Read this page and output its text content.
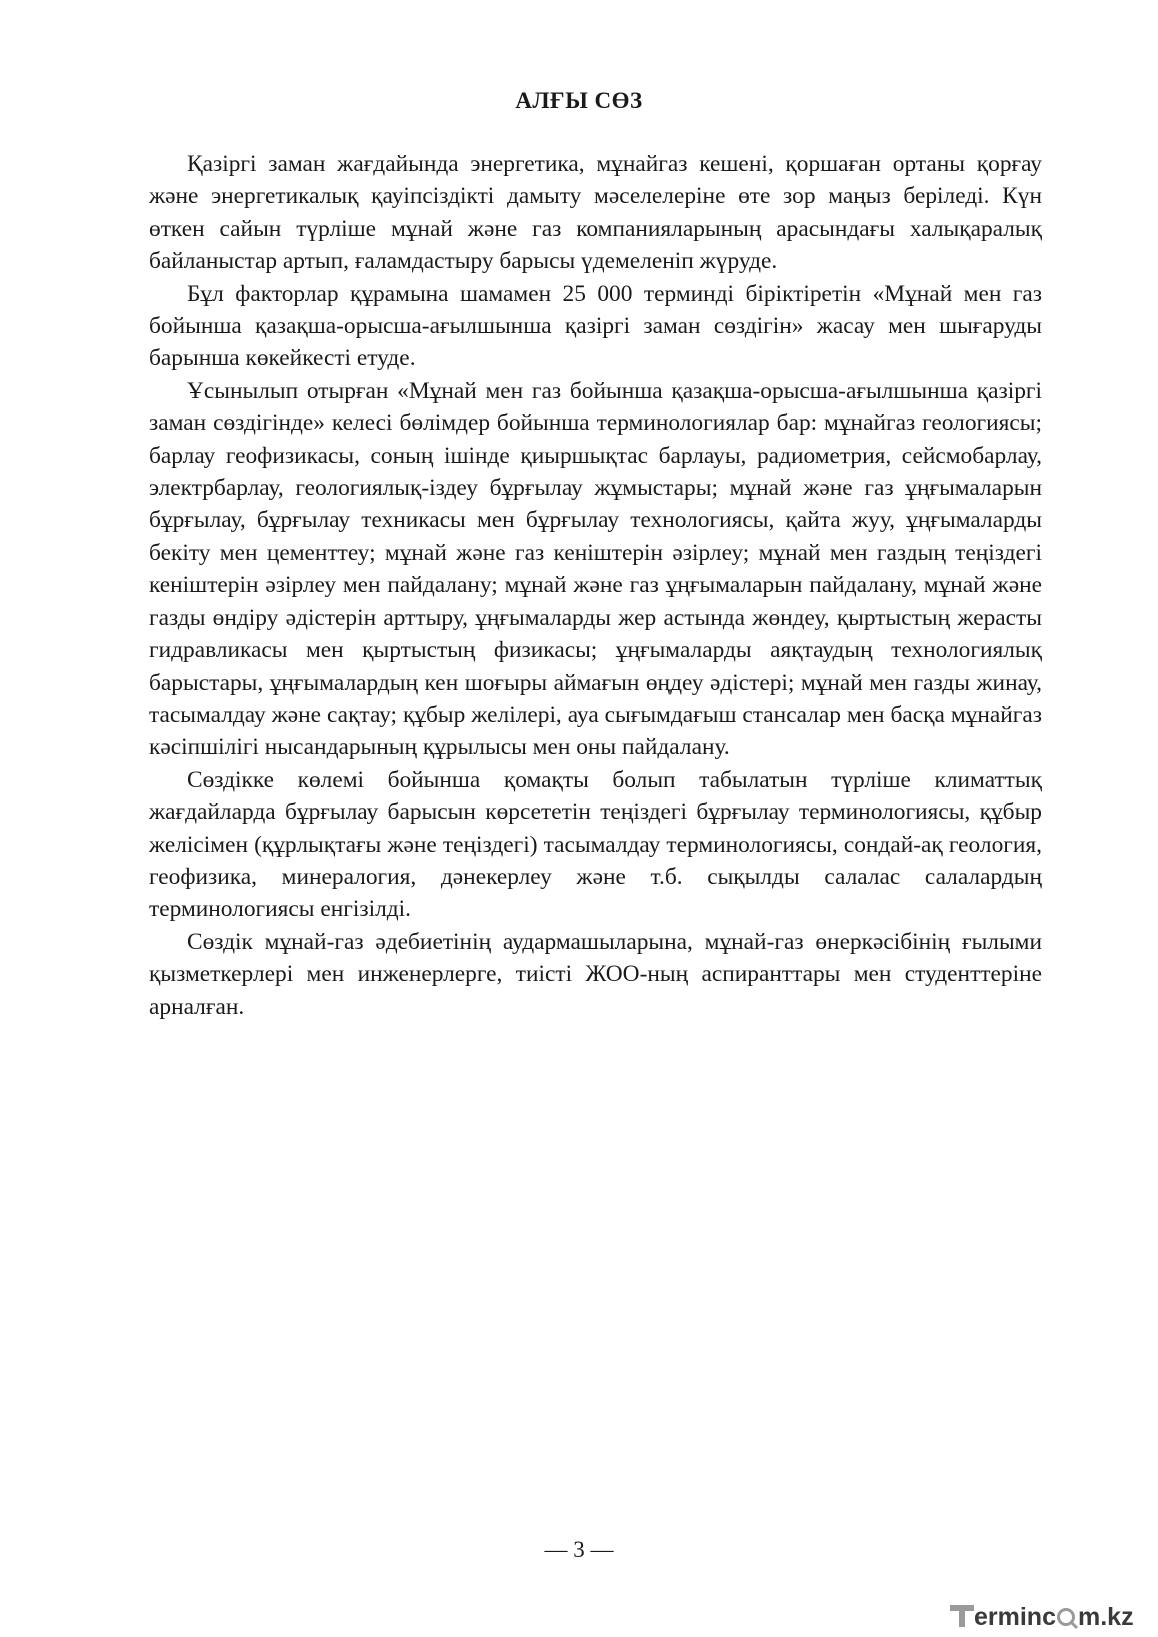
АЛҒЫ СӨЗ

Қазіргі заман жағдайында энергетика, мұнайгаз кешені, қоршаған ортаны қорғау және энергетикалық қауіпсіздікті дамыту мәселелеріне өте зор маңыз беріледі. Күн өткен сайын түрліше мұнай және газ компанияларының арасындағы халықаралық байланыстар артып, ғаламдастыру барысы үдемеленіп жүруде.

Бұл факторлар құрамына шамамен 25 000 терминді біріктіретін «Мұнай мен газ бойынша қазақша-орысша-ағылшынша қазіргі заман сөздігін» жасау мен шығаруды барынша көкейкесті етуде.

Ұсынылып отырған «Мұнай мен газ бойынша қазақша-орысша-ағылшынша қазіргі заман сөздігінде» келесі бөлімдер бойынша терминологиялар бар: мұнайгаз геологиясы; барлау геофизикасы, соның ішінде қиыршықтас барлауы, радиометрия, сейсмобарлау, электрбарлау, геологиялық-іздеу бұрғылау жұмыстары; мұнай және газ ұңғымаларын бұрғылау, бұрғылау техникасы мен бұрғылау технологиясы, қайта жуу, ұңғымаларды бекіту мен цементтеу; мұнай және газ кеніштерін әзірлеу; мұнай мен газдың теңіздегі кеніштерін әзірлеу мен пайдалану; мұнай және газ ұңғымаларын пайдалану, мұнай және газды өндіру әдістерін арттыру, ұңғымаларды жер астында жөндеу, қыртыстың жерасты гидравликасы мен қыртыстың физикасы; ұңғымаларды аяқтаудың технологиялық барыстары, ұңғымалардың кен шоғыры аймағын өңдеу әдістері; мұнай мен газды жинау, тасымалдау және сақтау; құбыр желілері, ауа сығымдағыш станcалар мен басқа мұнайгаз кәсіпшілігі нысандарының құрылысы мен оны пайдалану.

Сөздікке көлемі бойынша қомақты болып табылатын түрліше климаттық жағдайларда бұрғылау барысын көрсететін теңіздегі бұрғылау терминологиясы, құбыр желісімен (құрлықтағы және теңіздегі) тасымалдау терминологиясы, сондай-ақ геология, геофизика, минералогия, дәнекерлеу және т.б. сықылды салалас салалардың терминологиясы енгізілді.

Сөздік мұнай-газ әдебиетінің аудармашыларына, мұнай-газ өнеркәсібінің ғылыми қызметкерлері мен инженерлерге, тиісті ЖОО-ның аспиранттары мен студенттеріне арналған.

— 3 —
erminc m.kz
